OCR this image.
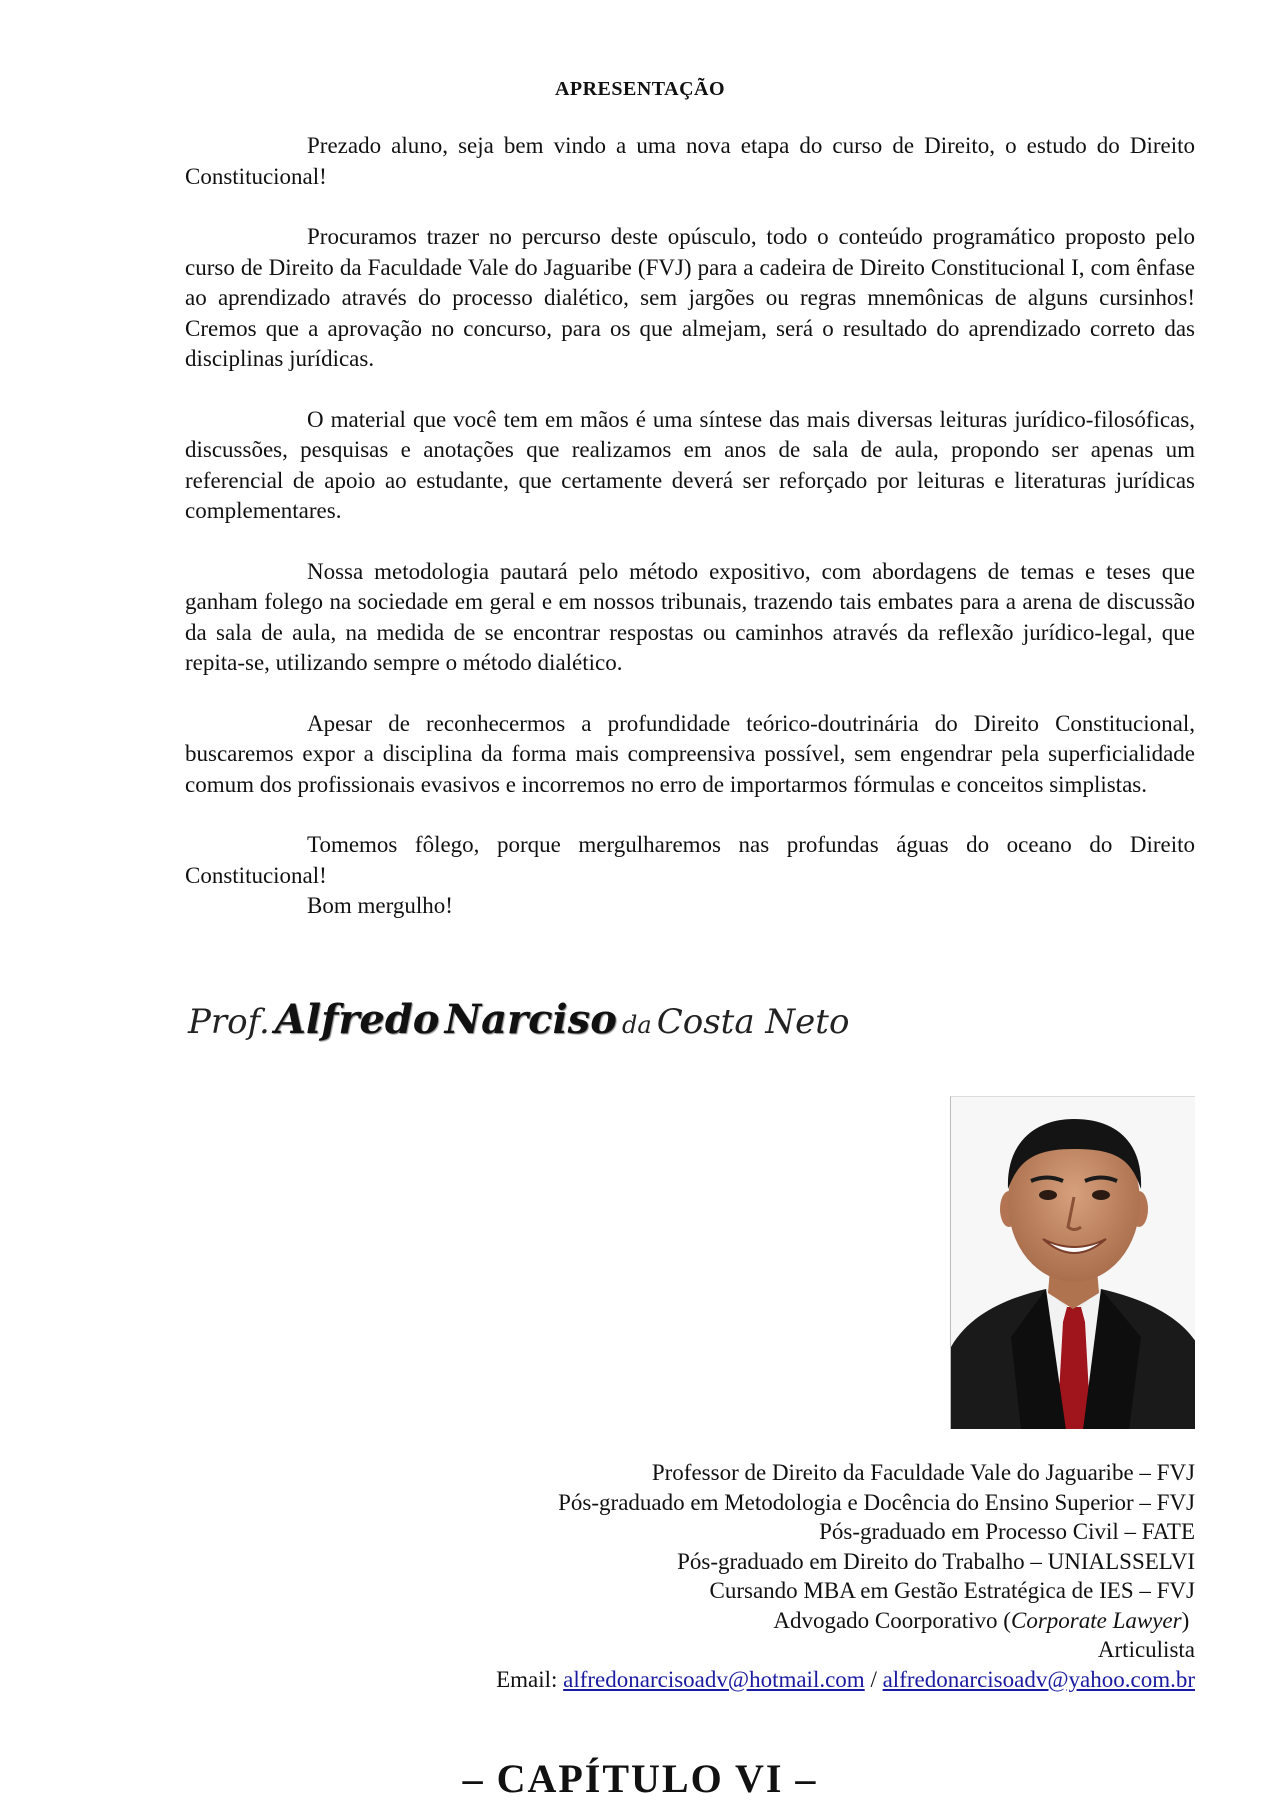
APRESENTAÇÃO

Prezado aluno, seja bem vindo a uma nova etapa do curso de Direito, o estudo do Direito Constitucional!

Procuramos trazer no percurso deste opúsculo, todo o conteúdo programático proposto pelo curso de Direito da Faculdade Vale do Jaguaribe (FVJ) para a cadeira de Direito Constitucional I, com ênfase ao aprendizado através do processo dialético, sem jargões ou regras mnemônicas de alguns cursinhos! Cremos que a aprovação no concurso, para os que almejam, será o resultado do aprendizado correto das disciplinas jurídicas.

O material que você tem em mãos é uma síntese das mais diversas leituras jurídico-filosóficas, discussões, pesquisas e anotações que realizamos em anos de sala de aula, propondo ser apenas um referencial de apoio ao estudante, que certamente deverá ser reforçado por leituras e literaturas jurídicas complementares.

Nossa metodologia pautará pelo método expositivo, com abordagens de temas e teses que ganham folego na sociedade em geral e em nossos tribunais, trazendo tais embates para a arena de discussão da sala de aula, na medida de se encontrar respostas ou caminhos através da reflexão jurídico-legal, que repita-se, utilizando sempre o método dialético.

Apesar de reconhecermos a profundidade teórico-doutrinária do Direito Constitucional, buscaremos expor a disciplina da forma mais compreensiva possível, sem engendrar pela superficialidade comum dos profissionais evasivos e incorremos no erro de importarmos fórmulas e conceitos simplistas.

Tomemos fôlego, porque mergulharemos nas profundas águas do oceano do Direito Constitucional!

Bom mergulho!

Prof. Alfredo Narciso da Costa Neto
Professor de Direito da Faculdade Vale do Jaguaribe – FVJ
Pós-graduado em Metodologia e Docência do Ensino Superior – FVJ
Pós-graduado em Processo Civil – FATE
Pós-graduado em Direito do Trabalho – UNIALSSELVI
Cursando MBA em Gestão Estratégica de IES – FVJ
Advogado Coorporativo (Corporate Lawyer)
Articulista
Email: alfredonarcisoadv@hotmail.com / alfredonarcisoadv@yahoo.com.br
– CAPÍTULO VI –
